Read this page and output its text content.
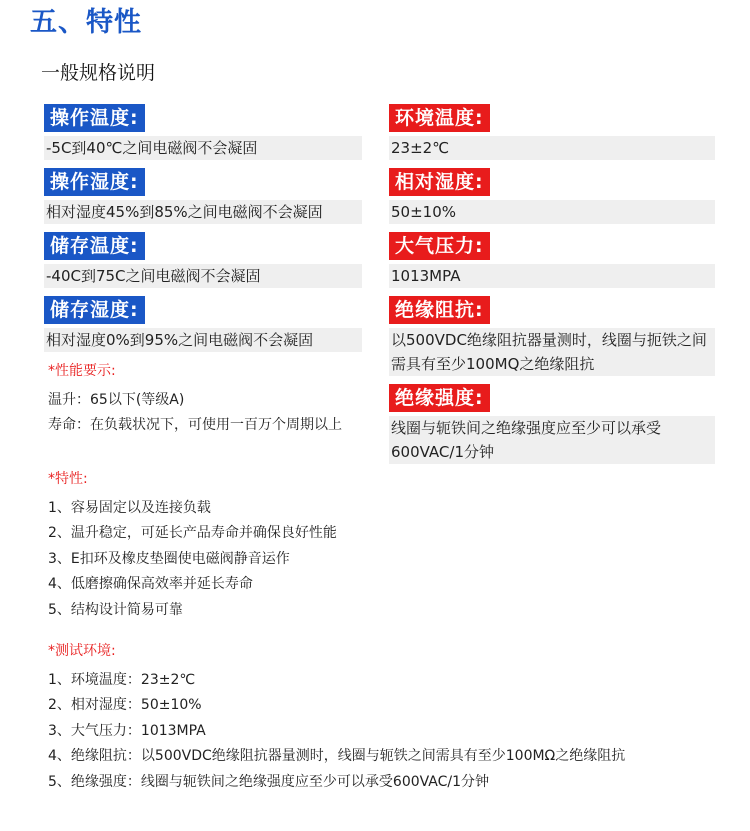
五、特性
一般规格说明
操作温度:
-5C到40℃之间电磁阀不会凝固
操作湿度:
相对湿度45%到85%之间电磁阀不会凝固
储存温度:
-40C到75C之间电磁阀不会凝固
储存湿度:
相对湿度0%到95%之间电磁阀不会凝固
环境温度:
23±2℃
相对湿度:
50±10%
大气压力:
1013MPA
绝缘阻抗:
以500VDC绝缘阻抗器量测时，线圈与扼铁之间需具有至少100MQ之绝缘阻抗
绝缘强度:
线圈与轭铁间之绝缘强度应至少可以承受600VAC/1分钟
*性能要示:
温升：65以下(等级A)
寿命：在负载状况下，可使用一百万个周期以上
*特性:
1、容易固定以及连接负载
2、温升稳定，可延长产品寿命并确保良好性能
3、E扣环及橡皮垫圈使电磁阀静音运作
4、低磨擦确保高效率并延长寿命
5、结构设计简易可靠
*测试环境:
1、环境温度：23±2℃
2、相对湿度：50±10%
3、大气压力：1013MPA
4、绝缘阻抗：以500VDC绝缘阻抗器量测时，线圈与轭铁之间需具有至少100MΩ之绝缘阻抗
5、绝缘强度：线圈与轭铁间之绝缘强度应至少可以承受600VAC/1分钟
